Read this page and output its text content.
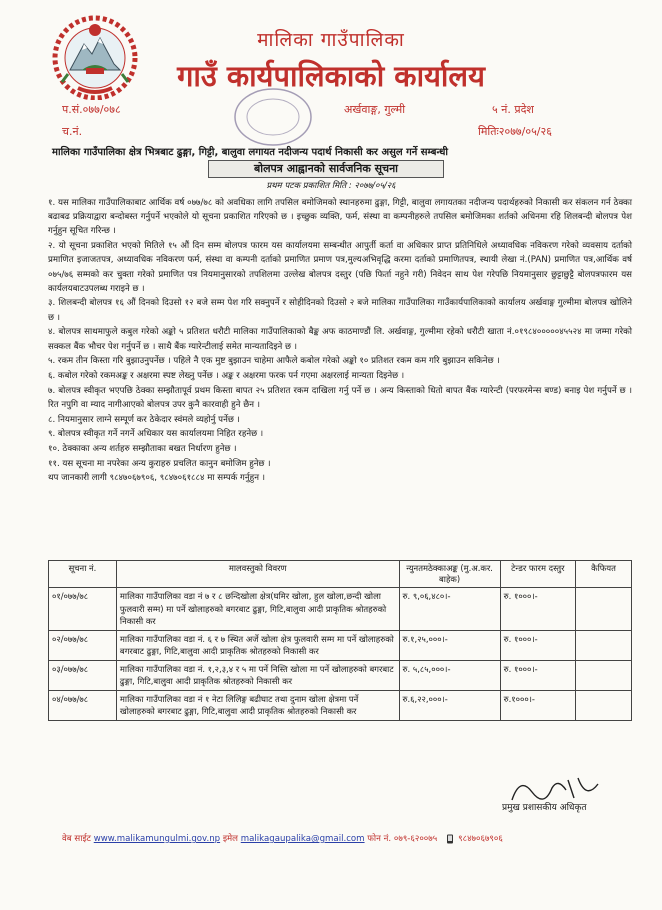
मालिका गाउँपालिका
गाउँ कार्यपालिकाको कार्यालय
प.सं.०७७/०७८
च.नं.
अर्खवाङ्ग, गुल्मी	५ नं. प्रदेश
मितिः२०७७/०५/२६
मालिका गाउँपालिका क्षेत्र भित्रबाट ढुङ्गा, गिट्टी, बालुवा लगायत नदीजन्य पदार्थ निकासी कर असुल गर्ने सम्बन्धी
बोलपत्र आह्वानको सार्वजनिक सूचना
प्रथम पटक प्रकाशित मिति : २०७७/०५/२६

१. यस मालिका गाउँपालिकाबाट आर्थिक वर्ष ०७७/७८ को अवधिका लागि तपसिल बमोजिमको स्थानहरुमा ढुङ्गा, गिट्टी, बालुवा लगायतका नदीजन्य पदार्थहरुको निकासी कर संकलन गर्न ठेक्का बढाबढ प्रक्रियाद्वारा बन्दोबस्त गर्नुपर्ने भएकोले यो सूचना प्रकाशित गरिएको छ । इच्छुक व्यक्ति, फर्म, संस्था वा कम्पनीहरुले तपसिल बमोजिमका शर्तको अधिनमा रहि शिलबन्दी बोलपत्र पेश गर्नुहुन सूचित गरिन्छ ।

२. यो सूचना प्रकाशित भएको मितिले १५ औं दिन सम्म बोलपत्र फारम यस कार्यालयमा सम्बन्धीत आपुर्ती कर्ता वा अधिकार प्राप्त प्रतिनिधिले अध्यावधिक नविकरण गरेको व्यवसाय दर्ताको प्रमाणित इजाजतपत्र, अध्यावधिक नविकरण फर्म, संस्था वा कम्पनी दर्ताको प्रमाणित प्रमाण पत्र,मुल्यअभिवृद्धि करमा दर्ताको प्रमाणितपत्र, स्थायी लेखा नं.(PAN) प्रमाणित पत्र,आर्थिक वर्ष ०७५/७६ सम्मको कर चुक्ता गरेको प्रमाणित पत्र नियमानुसारको तपशिलमा उल्लेख बोलपत्र दस्तुर (पछि फिर्ता नहुने गरी) निवेदन साथ पेश गरेपछि नियमानुसार छुट्टाछुट्टै बोलपत्रफारम यस कार्यलयबाटउपलब्ध गराइने छ ।

३. शिलबन्दी बोलपत्र १६ औं दिनको दिउसो १२ बजे सम्म पेश गरि सक्नुपर्ने र सोहीदिनको दिउसो २ बजे मालिका गाउँपालिका गाउँकार्यपालिकाको कार्यालय अर्खवाङ्ग गुल्मीमा बोलपत्र खोलिने छ ।

४. बोलपत्र साथमाफुले कबुल गरेको अङ्को ५ प्रतिशत धरौटी मालिका गाउँपालिकाको बैङ्क अफ काठमाण्डौं लि. अर्खवाङ्ग, गुल्मीमा रहेको धरौटी खाता नं.०१९८४०००००४५५२४ मा जम्मा गरेको सक्कल बैंक भौचर पेश गर्नुपर्ने छ । साथै बैंक ग्यारेन्टीलाई समेत मान्यतादिइने छ ।

५. रकम तीन किस्ता गरि बुझाउनुपर्नेछ । पहिले नै एक मुष्ट बुझाउन चाहेमा आफैले कबोल गरेको अङ्को १० प्रतिशत रकम कम गरि बुझाउन सकिनेछ ।

६. कबोल गरेको रकमअङ्क र अक्षरमा स्पष्ट लेख्नु पर्नेछ । अङ्क र अक्षरमा फरक पर्न गएमा अक्षरलाई मान्यता दिइनेछ ।

७. बोलपत्र स्वीकृत भएपछि ठेक्का सम्झौतापूर्व प्रथम किस्ता बापत २५ प्रतिशत रकम दाखिला गर्नु पर्ने छ । अन्य किस्ताको धितो बापत बैंक ग्यारेन्टी (परफरमेन्स बण्ड) बनाइ पेश गर्नुपर्ने छ । रित नपुगि वा म्याद नागीआएको बोलपत्र उपर कुनै कारवाही हुने छैन ।

८. नियमानुसार लाग्ने सम्पूर्ण कर ठेकेदार स्वंमले व्यहोर्नु पर्नेछ ।

९. बोलपत्र स्वीकृत गर्ने नगर्ने अधिकार यस कार्यालयमा निहित रहनेछ ।

१०. ठेक्काका अन्य शर्तहरु सम्झौताका बखत निर्धारण हुनेछ ।

११. यस सूचना मा नपरेका अन्य कुराहरु प्रचलित कानुन बमोजिम हुनेछ ।

थप जानकारी लागी ९८४७०६७९०६, ९८४७०६१८८४ मा सम्पर्क गर्नुहुन ।

सूचना नं.	मालवस्तुको विवरण	न्युनतमठेक्काअङ्क (मु.अ.कर. बाहेक)	टेन्डर फारम दस्तुर	कैफियत
०१/०७७/७८	मालिका गाउँपालिका वडा नं ७ र ८ छन्दिखोला क्षेत्र(घमिर खोला, हुल खोला,छन्दी खोला फुलवारी सम्म) मा पर्ने खोलाहरुको बगरबाट ढुङ्गा, गिटि,बालुवा आदी प्राकृतिक श्रोतहरुको निकासी कर	रु. ९,०६,४८०।-	रु. १०००।-	
०२/०७७/७८	मालिका गाउँपालिका वडा नं. ६ र ७ स्थित अर्जे खोला क्षेत्र फुलवारी सम्म मा पर्ने खोलाहरुको बगरबाट ढुङ्गा, गिटि,बालुवा आदी प्राकृतिक श्रोतहरुको निकासी कर	रु.१,२५,०००।-	रु. १०००।-	
०३/०७७/७८	मालिका गाउँपालिका वडा नं. १,२,३,४ र ५ मा पर्ने निस्ति खोला मा पर्ने खोलाहरुको बगरबाट ढुङ्गा, गिटि,बालुवा आदी प्राकृतिक श्रोतहरुको निकासी कर	रु. ५,८५,०००।-	रु. १०००।-	
०४/०७७/७८	मालिका गाउँपालिका वडा नं १ नेटा लिलिङ्ग बढीघाट तथा दुनाम खोला क्षेत्रमा पर्ने खोलाहरुको बगरबाट ढुङ्गा, गिटि,बालुवा आदी प्राकृतिक श्रोतहरुको निकासी कर	रु.६,२२,०००।-	रु.१०००।-	
प्रमुख प्रशासकीय अधिकृत
वेब साईट www.malikamungulmi.gov.np इमेल malikagaupalika@gmail.com फोन नं. ०७९-६२००७५ ९८४७०६७९०६
